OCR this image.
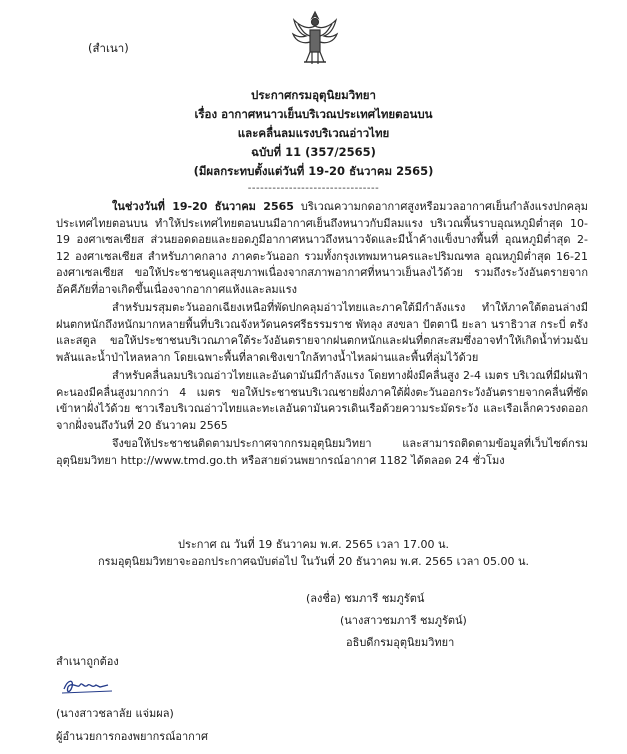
(สำเนา)
ประกาศกรมอุตุนิยมวิทยา
เรื่อง อากาศหนาวเย็นบริเวณประเทศไทยตอนบน
และคลื่นลมแรงบริเวณอ่าวไทย
ฉบับที่ 11 (357/2565)
(มีผลกระทบตั้งแต่วันที่ 19-20 ธันวาคม 2565)
--------------------------------

ในช่วงวันที่ 19-20 ธันวาคม 2565 บริเวณความกดอากาศสูงหรือมวลอากาศเย็นกำลังแรงปกคลุมประเทศไทยตอนบน ทำให้ประเทศไทยตอนบนมีอากาศเย็นถึงหนาวกับมีลมแรง บริเวณพื้นราบอุณหภูมิต่ำสุด 10-19 องศาเซลเซียส ส่วนยอดดอยและยอดภูมีอากาศหนาวถึงหนาวจัดและมีน้ำค้างแข็งบางพื้นที่ อุณหภูมิต่ำสุด 2-12 องศาเซลเซียส สำหรับภาคกลาง ภาคตะวันออก รวมทั้งกรุงเทพมหานครและปริมณฑล อุณหภูมิต่ำสุด 16-21 องศาเซลเซียส ขอให้ประชาชนดูแลสุขภาพเนื่องจากสภาพอากาศที่หนาวเย็นลงไว้ด้วย รวมถึงระวังอันตรายจากอัคคีภัยที่อาจเกิดขึ้นเนื่องจากอากาศแห้งและลมแรง

สำหรับมรสุมตะวันออกเฉียงเหนือที่พัดปกคลุมอ่าวไทยและภาคใต้มีกำลังแรง ทำให้ภาคใต้ตอนล่างมีฝนตกหนักถึงหนักมากหลายพื้นที่บริเวณจังหวัดนครศรีธรรมราช พัทลุง สงขลา ปัตตานี ยะลา นราธิวาส กระบี่ ตรัง และสตูล ขอให้ประชาชนบริเวณภาคใต้ระวังอันตรายจากฝนตกหนักและฝนที่ตกสะสมซึ่งอาจทำให้เกิดน้ำท่วมฉับพลันและน้ำป่าไหลหลาก โดยเฉพาะพื้นที่ลาดเชิงเขาใกล้ทางน้ำไหลผ่านและพื้นที่ลุ่มไว้ด้วย

สำหรับคลื่นลมบริเวณอ่าวไทยและอันดามันมีกำลังแรง โดยทางฝั่งมีคลื่นสูง 2-4 เมตร บริเวณที่มีฝนฟ้าคะนองมีคลื่นสูงมากกว่า 4 เมตร ขอให้ประชาชนบริเวณชายฝั่งภาคใต้ฝั่งตะวันออกระวังอันตรายจากคลื่นที่ซัดเข้าหาฝั่งไว้ด้วย ชาวเรือบริเวณอ่าวไทยและทะเลอันดามันควรเดินเรือด้วยความระมัดระวัง และเรือเล็กควรงดออกจากฝั่งจนถึงวันที่ 20 ธันวาคม 2565

จึงขอให้ประชาชนติดตามประกาศจากกรมอุตุนิยมวิทยา และสามารถติดตามข้อมูลที่เว็บไซต์กรมอุตุนิยมวิทยา http://www.tmd.go.th หรือสายด่วนพยากรณ์อากาศ 1182 ได้ตลอด 24 ชั่วโมง

ประกาศ ณ วันที่ 19 ธันวาคม พ.ศ. 2565 เวลา 17.00 น.
กรมอุตุนิยมวิทยาจะออกประกาศฉบับต่อไป ในวันที่ 20 ธันวาคม พ.ศ. 2565 เวลา 05.00 น.
(ลงชื่อ) ชมภารี ชมภูรัตน์
(นางสาวชมภารี ชมภูรัตน์)
อธิบดีกรมอุตุนิยมวิทยา
สำเนาถูกต้อง
(นางสาวชลาลัย แจ่มผล)
ผู้อำนวยการกองพยากรณ์อากาศ
